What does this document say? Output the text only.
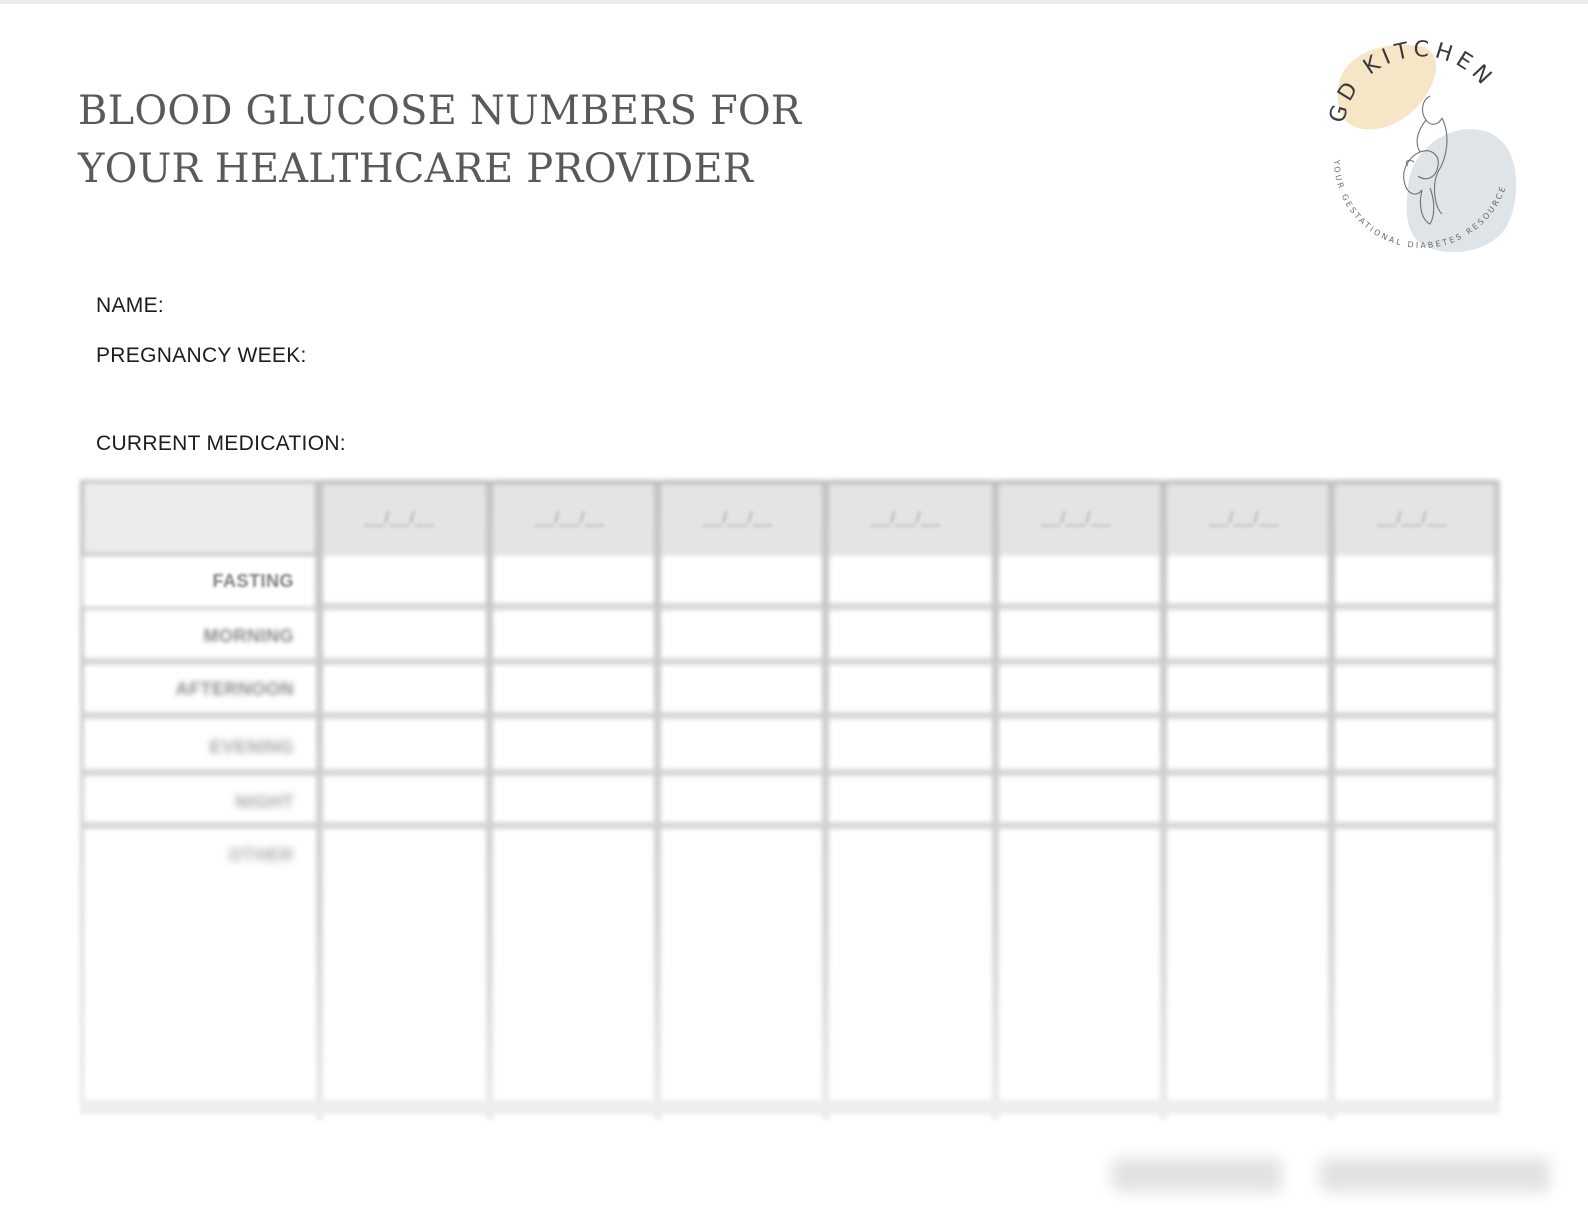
BLOOD GLUCOSE NUMBERS FOR
YOUR HEALTHCARE PROVIDER
GD KITCHEN
YOUR GESTATIONAL DIABETES RESOURCE
NAME:
PREGNANCY WEEK:
CURRENT MEDICATION:
__/__/__	__/__/__	__/__/__	__/__/__	__/__/__	__/__/__	__/__/__
FASTING
MORNING
AFTERNOON
EVENING
NIGHT
OTHER
